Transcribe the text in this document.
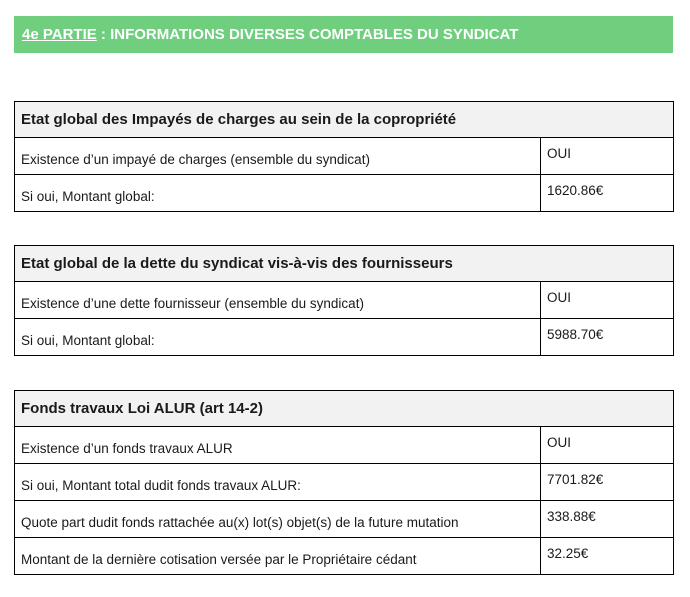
4e PARTIE : INFORMATIONS DIVERSES COMPTABLES DU SYNDICAT
Etat global des Impayés de charges au sein de la copropriété	
Existence d’un impayé de charges (ensemble du syndicat)	OUI
Si oui, Montant global:	1620.86€
Etat global de la dette du syndicat vis-à-vis des fournisseurs	
Existence d’une dette fournisseur (ensemble du syndicat)	OUI
Si oui, Montant global:	5988.70€
Fonds travaux Loi ALUR (art 14-2)	
Existence d’un fonds travaux ALUR	OUI
Si oui, Montant total dudit fonds travaux ALUR:	7701.82€
Quote part dudit fonds rattachée au(x) lot(s) objet(s) de la future mutation	338.88€
Montant de la dernière cotisation versée par le Propriétaire cédant	32.25€
